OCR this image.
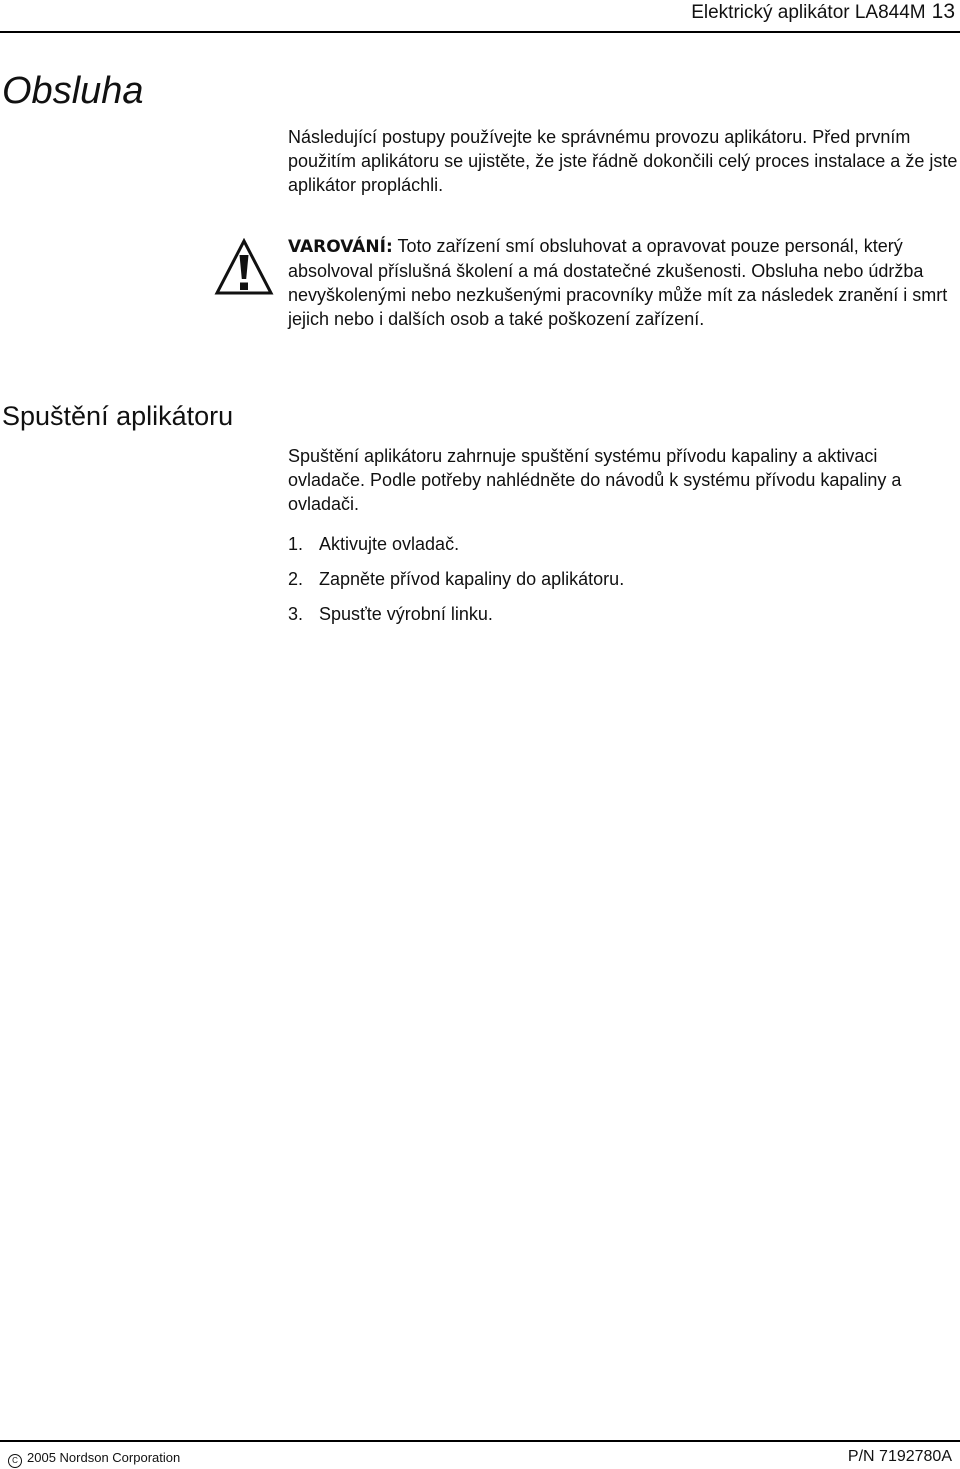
Elektrický aplikátor LA844M 13
Obsluha

Následující postupy používejte ke správnému provozu aplikátoru. Před prvním použitím aplikátoru se ujistěte, že jste řádně dokončili celý proces instalace a že jste aplikátor propláchli.

VAROVÁNÍ: Toto zařízení smí obsluhovat a opravovat pouze personál, který absolvoval příslušná školení a má dostatečné zkušenosti. Obsluha nebo údržba nevyškolenými nebo nezkušenými pracovníky může mít za následek zranění i smrt jejich nebo i dalších osob a také poškození zařízení.

Spuštění aplikátoru

Spuštění aplikátoru zahrnuje spuštění systému přívodu kapaliny a aktivaci ovladače. Podle potřeby nahlédněte do návodů k systému přívodu kapaliny a ovladači.

1. Aktivujte ovladač.
2. Zapněte přívod kapaliny do aplikátoru.
3. Spusťte výrobní linku.
C 2005 Nordson Corporation	P/N 7192780A
